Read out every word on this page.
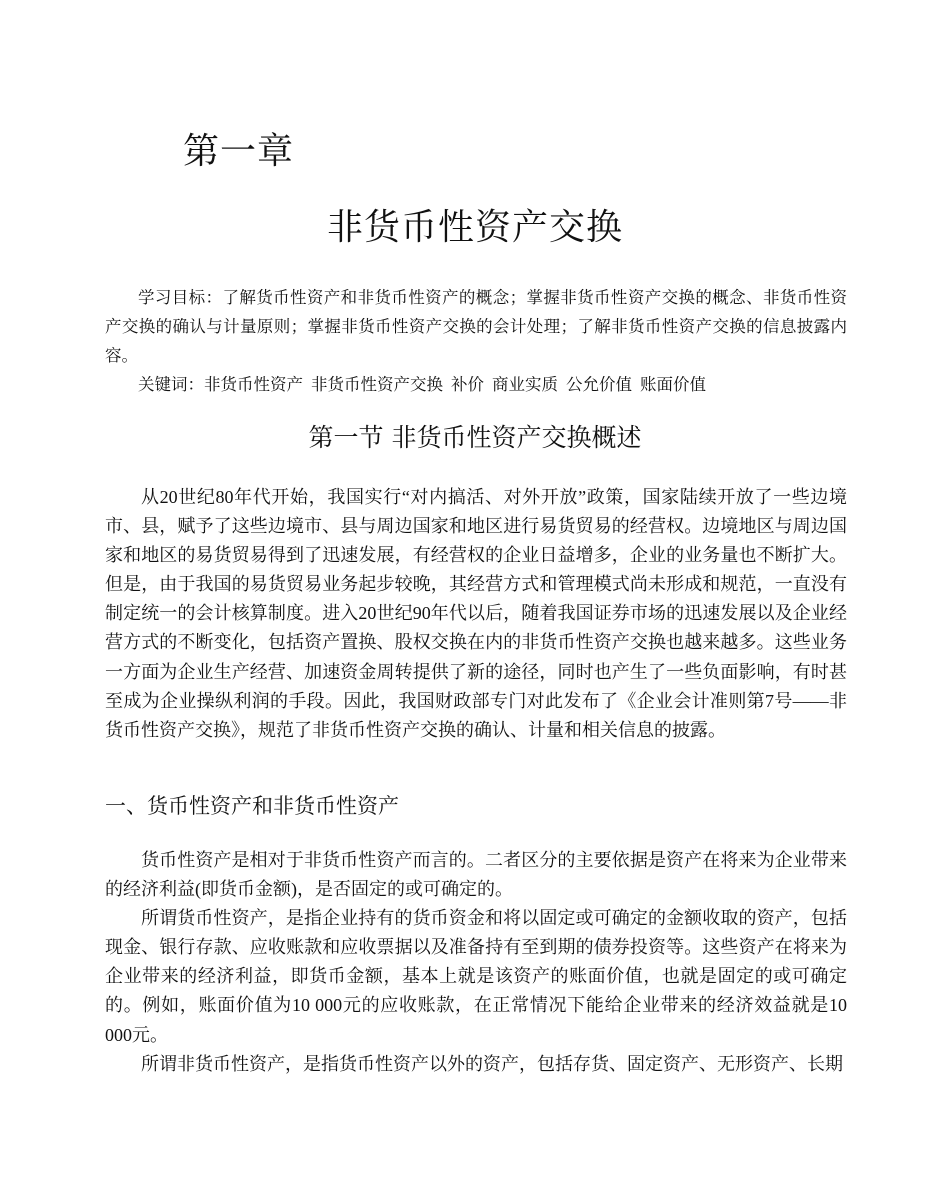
第一章
非货币性资产交换

学习目标：了解货币性资产和非货币性资产的概念；掌握非货币性资产交换的概念、非货币性资产交换的确认与计量原则；掌握非货币性资产交换的会计处理；了解非货币性资产交换的信息披露内容。

关键词：非货币性资产 非货币性资产交换 补价 商业实质 公允价值 账面价值

第一节 非货币性资产交换概述

从20世纪80年代开始，我国实行“对内搞活、对外开放”政策，国家陆续开放了一些边境市、县，赋予了这些边境市、县与周边国家和地区进行易货贸易的经营权。边境地区与周边国家和地区的易货贸易得到了迅速发展，有经营权的企业日益增多，企业的业务量也不断扩大。但是，由于我国的易货贸易业务起步较晚，其经营方式和管理模式尚未形成和规范，一直没有制定统一的会计核算制度。进入20世纪90年代以后，随着我国证券市场的迅速发展以及企业经营方式的不断变化，包括资产置换、股权交换在内的非货币性资产交换也越来越多。这些业务一方面为企业生产经营、加速资金周转提供了新的途径，同时也产生了一些负面影响，有时甚至成为企业操纵利润的手段。因此，我国财政部专门对此发布了《企业会计准则第7号——非货币性资产交换》，规范了非货币性资产交换的确认、计量和相关信息的披露。

一、货币性资产和非货币性资产

货币性资产是相对于非货币性资产而言的。二者区分的主要依据是资产在将来为企业带来的经济利益(即货币金额)，是否固定的或可确定的。

所谓货币性资产，是指企业持有的货币资金和将以固定或可确定的金额收取的资产，包括现金、银行存款、应收账款和应收票据以及准备持有至到期的债券投资等。这些资产在将来为企业带来的经济利益，即货币金额，基本上就是该资产的账面价值，也就是固定的或可确定的。例如，账面价值为10 000元的应收账款，在正常情况下能给企业带来的经济效益就是10 000元。

所谓非货币性资产，是指货币性资产以外的资产，包括存货、固定资产、无形资产、长期
